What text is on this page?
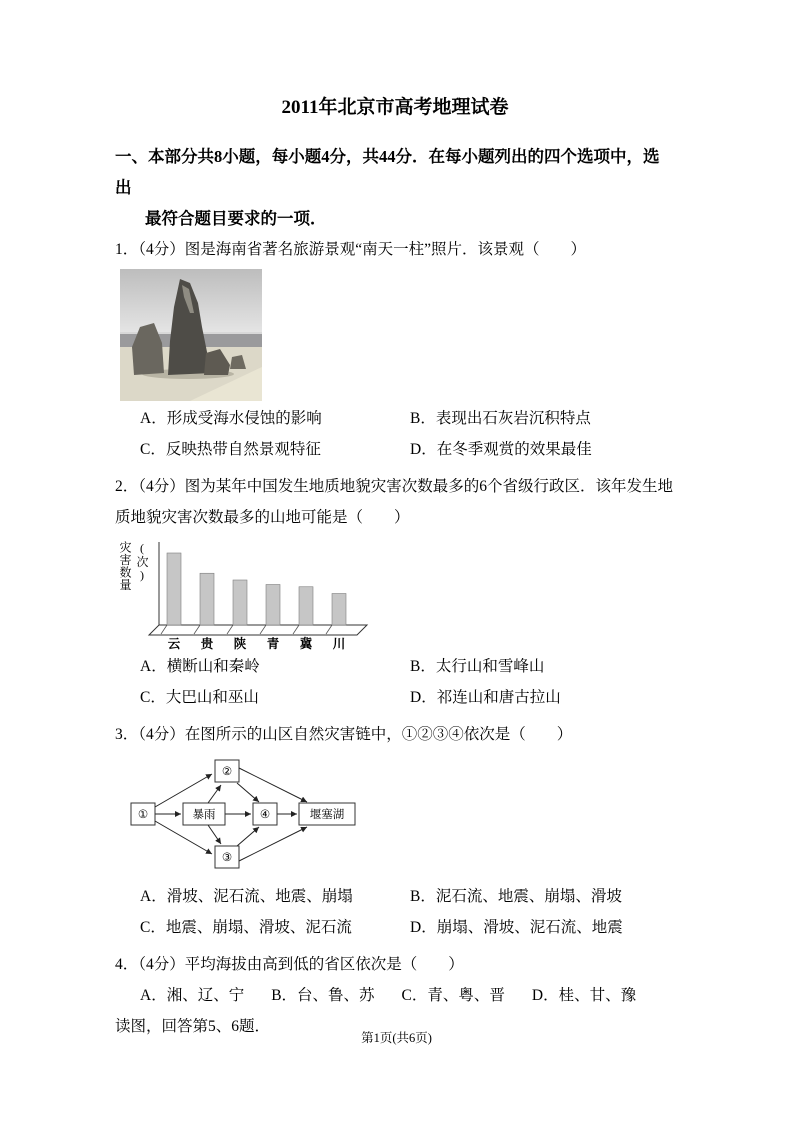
2011年北京市高考地理试卷

一、本部分共8小题，每小题4分，共44分．在每小题列出的四个选项中，选出
最符合题目要求的一项．

1．（4分）图是海南省著名旅游景观“南天一柱”照片．该景观（　　）

A．形成受海水侵蚀的影响	B．表现出石灰岩沉积特点
C．反映热带自然景观特征	D．在冬季观赏的效果最佳

2．（4分）图为某年中国发生地质地貌灾害次数最多的6个省级行政区．该年发生地质地貌灾害次数最多的山地可能是（　　）

灾害数量(次)
云 贵 陕 青 冀 川
A．横断山和秦岭	B．太行山和雪峰山
C．大巴山和巫山	D．祁连山和唐古拉山

3．（4分）在图所示的山区自然灾害链中，①②③④依次是（　　）

①	暴雨
②
④
③
堰塞湖
A．滑坡、泥石流、地震、崩塌	B．泥石流、地震、崩塌、滑坡
C．地震、崩塌、滑坡、泥石流	D．崩塌、滑坡、泥石流、地震

4．（4分）平均海拔由高到低的省区依次是（　　）

A．湘、辽、宁 B．台、鲁、苏 C．青、粤、晋 D．桂、甘、豫

读图，回答第5、6题．

第1页(共6页)
